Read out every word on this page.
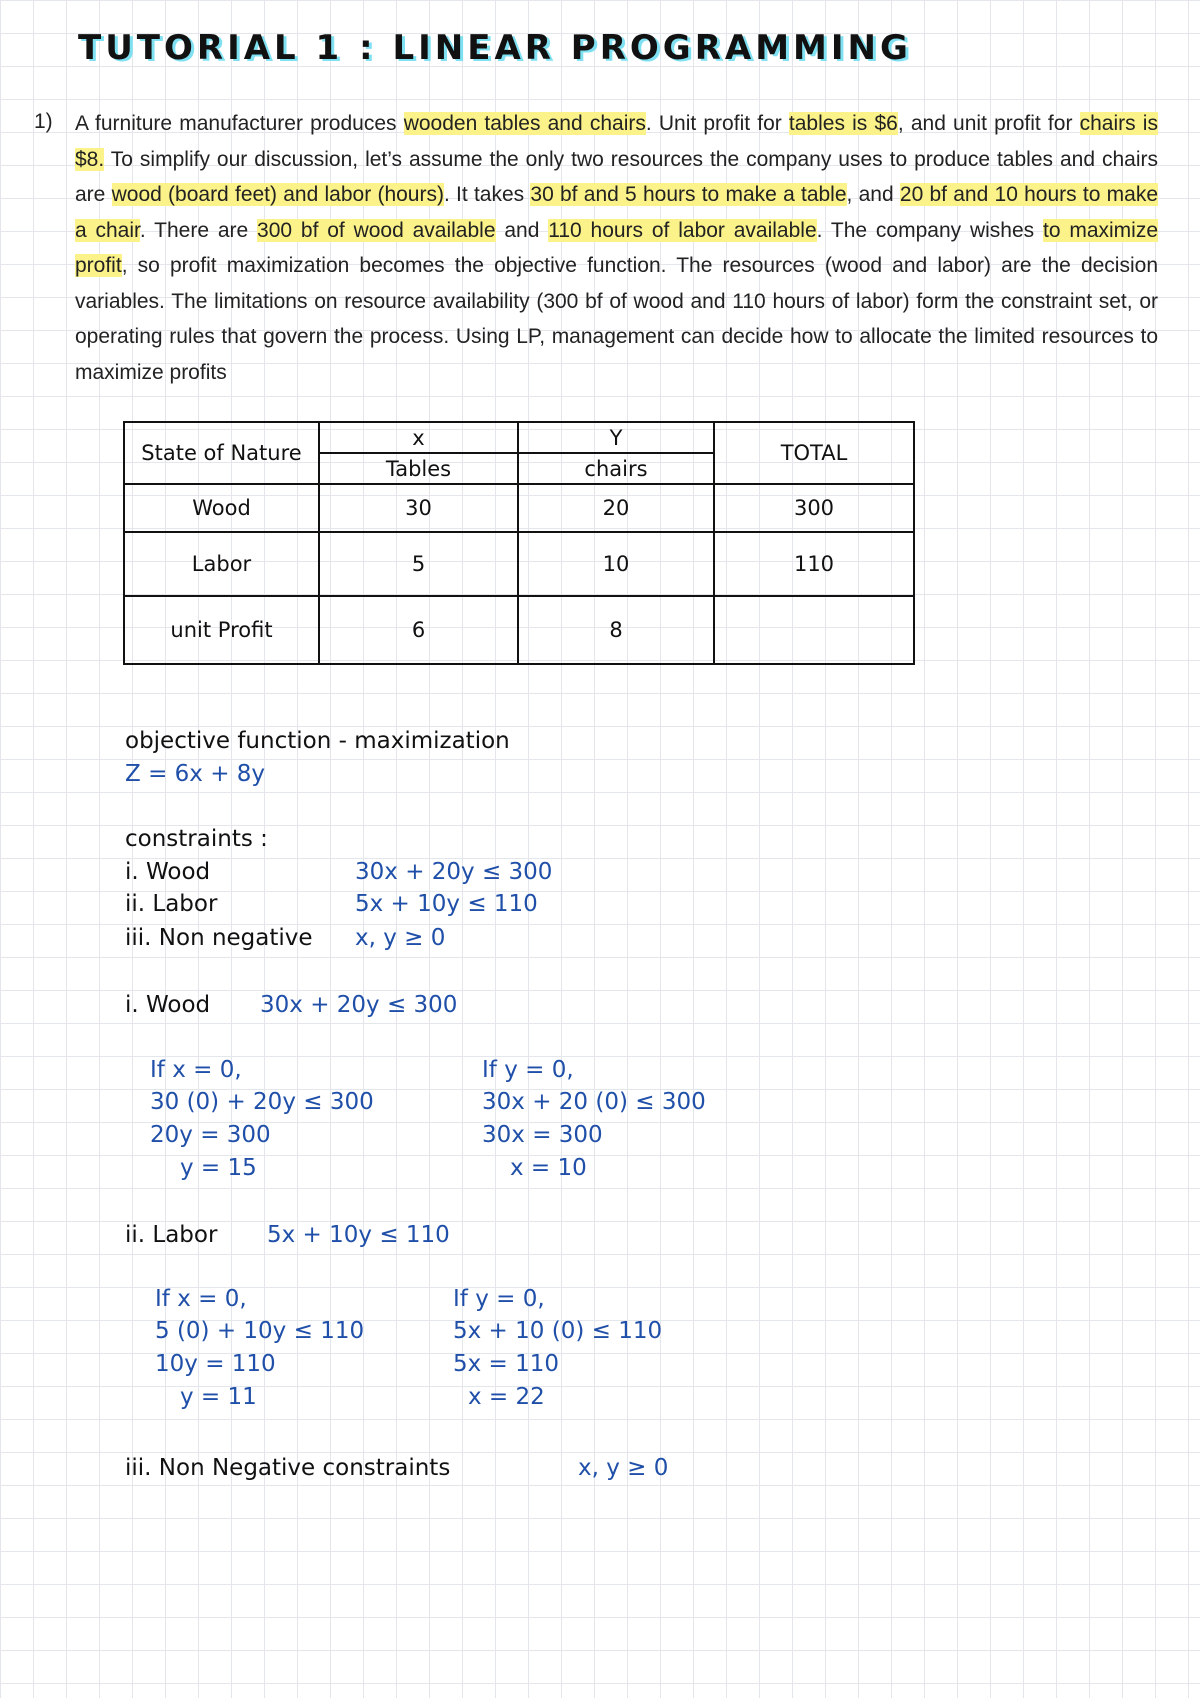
TUTORIAL 1 : LINEAR PROGRAMMING
1) A furniture manufacturer produces wooden tables and chairs. Unit profit for tables is $6, and unit profit for chairs is $8. To simplify our discussion, let’s assume the only two resources the company uses to produce tables and chairs are wood (board feet) and labor (hours). It takes 30 bf and 5 hours to make a table, and 20 bf and 10 hours to make a chair. There are 300 bf of wood available and 110 hours of labor available. The company wishes to maximize profit, so profit maximization becomes the objective function. The resources (wood and labor) are the decision variables. The limitations on resource availability (300 bf of wood and 110 hours of labor) form the constraint set, or operating rules that govern the process. Using LP, management can decide how to allocate the limited resources to maximize profits
State of Nature	x	Y	TOTAL
	Tables	chairs	
Wood	30	20	300
Labor	5	10	110
unit Profit	6	8	
objective function - maximization
Z = 6x + 8y
constraints :
i. Wood	30x + 20y ≤ 300
ii. Labor	5x + 10y ≤ 110
iii. Non negative x, y ≥ 0
i. Wood 30x + 20y ≤ 300
If x = 0,
30 (0) + 20y ≤ 300
20y = 300
y = 15
If y = 0,
30x + 20 (0) ≤ 300
30x = 300
x = 10
ii. Labor 5x + 10y ≤ 110
If x = 0,
5 (0) + 10y ≤ 110
10y = 110
y = 11
If y = 0,
5x + 10 (0) ≤ 110
5x = 110
x = 22
iii. Non Negative constraints	x, y ≥ 0
